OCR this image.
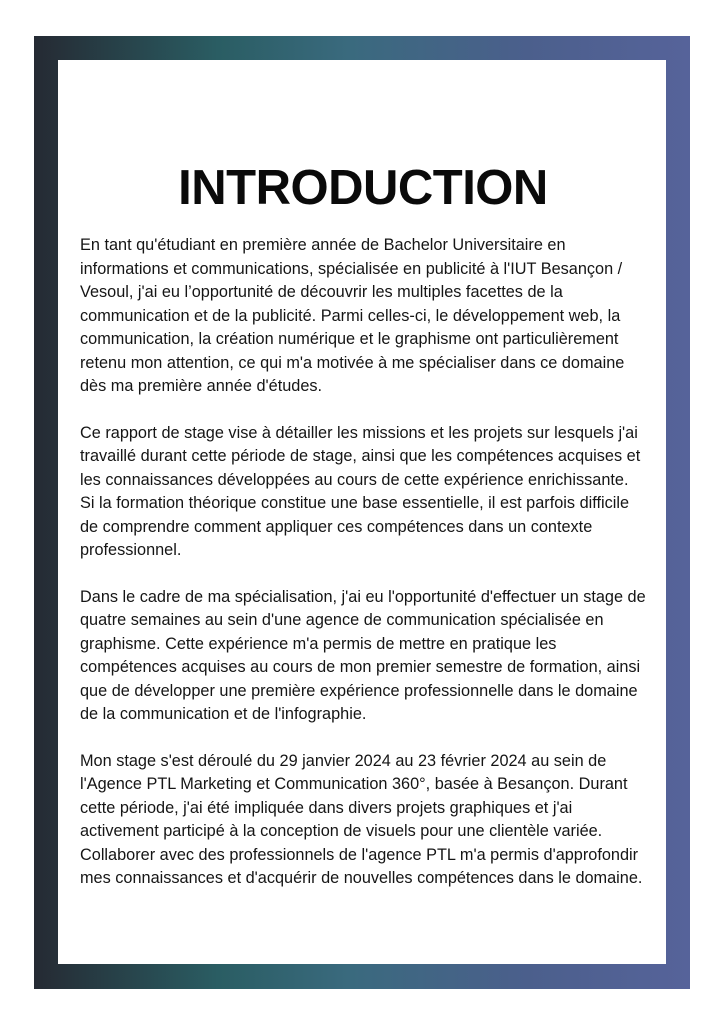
INTRODUCTION

En tant qu'étudiant en première année de Bachelor Universitaire en informations et communications, spécialisée en publicité à l'IUT Besançon / Vesoul, j'ai eu l’opportunité de découvrir les multiples facettes de la communication et de la publicité. Parmi celles-ci, le développement web, la communication, la création numérique et le graphisme ont particulièrement retenu mon attention, ce qui m'a motivée à me spécialiser dans ce domaine dès ma première année d'études.

Ce rapport de stage vise à détailler les missions et les projets sur lesquels j'ai travaillé durant cette période de stage, ainsi que les compétences acquises et les connaissances développées au cours de cette expérience enrichissante. Si la formation théorique constitue une base essentielle, il est parfois difficile de comprendre comment appliquer ces compétences dans un contexte professionnel.

Dans le cadre de ma spécialisation, j'ai eu l'opportunité d'effectuer un stage de quatre semaines au sein d'une agence de communication spécialisée en graphisme. Cette expérience m'a permis de mettre en pratique les compétences acquises au cours de mon premier semestre de formation, ainsi que de développer une première expérience professionnelle dans le domaine de la communication et de l'infographie.

Mon stage s'est déroulé du 29 janvier 2024 au 23 février 2024 au sein de l'Agence PTL Marketing et Communication 360°, basée à Besançon. Durant cette période, j'ai été impliquée dans divers projets graphiques et j'ai activement participé à la conception de visuels pour une clientèle variée. Collaborer avec des professionnels de l'agence PTL m'a permis d'approfondir mes connaissances et d'acquérir de nouvelles compétences dans le domaine.
